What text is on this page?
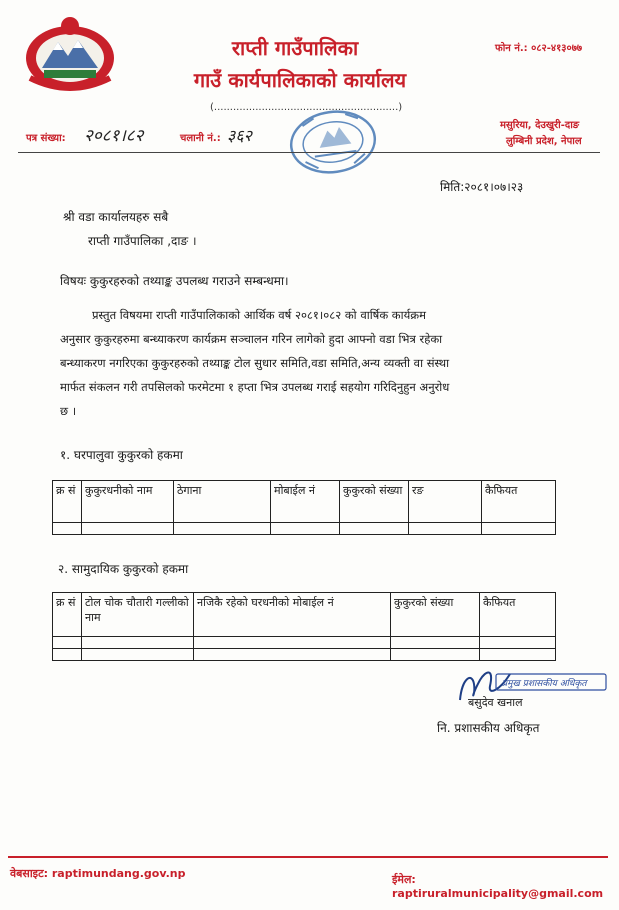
राप्ती गाउँपालिका
गाउँ कार्यपालिकाको कार्यालय
(..........................................................)
फोन नं.: ०८२-४१३०७७
मसुरिया, देउखुरी-दाङ
लुम्बिनी प्रदेश, नेपाल
पत्र संख्या: २०८१।८२	चलानी नं.: ३६२
मिति:२०८१।०७।२३
श्री वडा कार्यालयहरु सबै
राप्ती गाउँपालिका ,दाङ ।
विषयः कुकुरहरुको तथ्याङ्क उपलब्ध गराउने सम्बन्धमा।
प्रस्तुत विषयमा राप्ती गाउँपालिकाको आर्थिक वर्ष २०८१।०८२ को वार्षिक कार्यक्रम
अनुसार कुकुरहरुमा बन्ध्याकरण कार्यक्रम सञ्चालन गरिन लागेको हुदा आफ्नो वडा भित्र रहेका
बन्ध्याकरण नगरिएका कुकुरहरुको तथ्याङ्क टोल सुधार समिति,वडा समिति,अन्य व्यक्ती वा संस्था
मार्फत संकलन गरी तपसिलको फरमेटमा १ हप्ता भित्र उपलब्ध गराई सहयोग गरिदिनुहुन अनुरोध
छ ।
१. घरपालुवा कुकुरको हकमा
क्र सं	कुकुरधनीको नाम	ठेगाना	मोबाईल नं	कुकुरको संख्या	रङ	कैफियत

२. सामुदायिक कुकुरको हकमा
क्र सं	टोल चोक चौतारी गल्लीको नाम	नजिकै रहेको घरधनीको मोबाईल नं	कुकुरको संख्या	कैफियत

प्रमुख प्रशासकीय अधिकृत
बसुदेव खनाल
नि. प्रशासकीय अधिकृत
वेबसाइट: raptimundang.gov.np	ईमेल: raptiruralmunicipality@gmail.com
